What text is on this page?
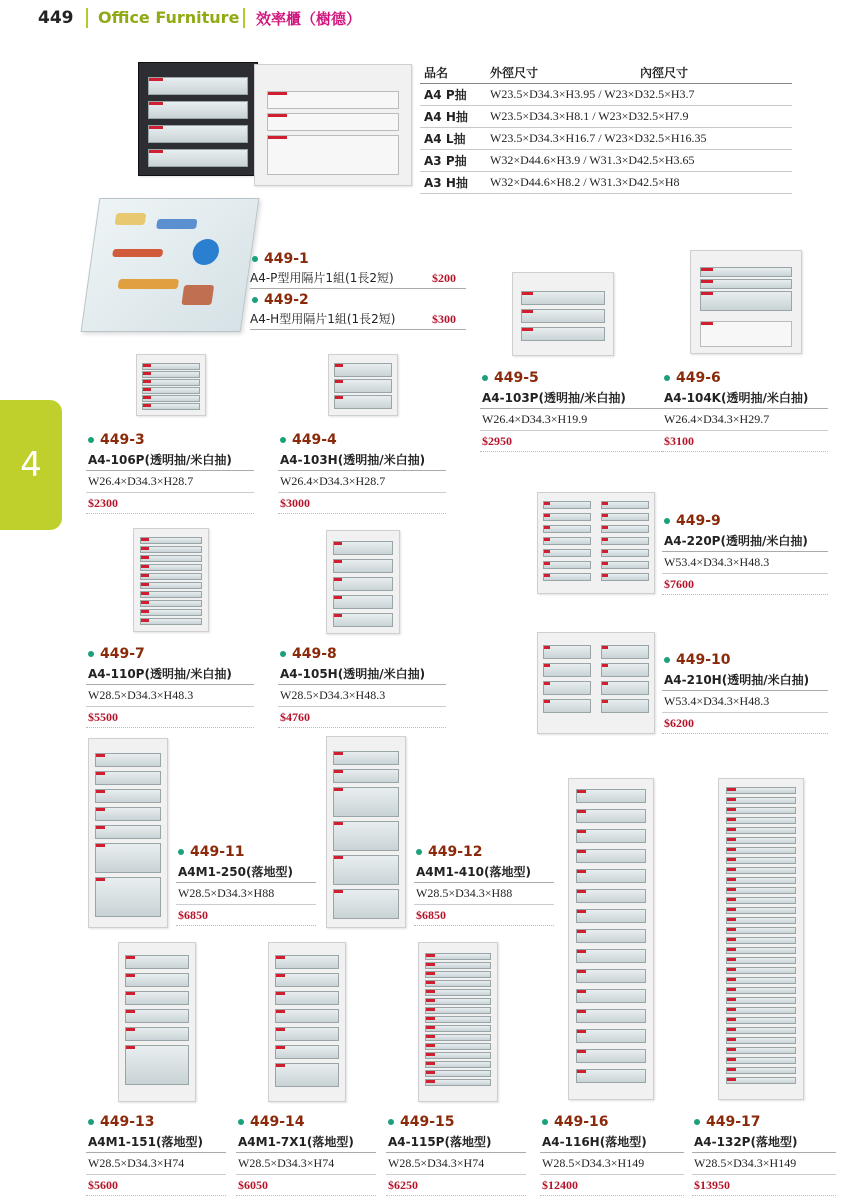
449 Office Furniture 效率櫃（樹德）
4
品名	外徑尺寸	內徑尺寸
A4 P抽	W23.5×D34.3×H3.95 / W23×D32.5×H3.7
A4 H抽	W23.5×D34.3×H8.1 / W23×D32.5×H7.9
A4 L抽	W23.5×D34.3×H16.7 / W23×D32.5×H16.35
A3 P抽	W32×D44.6×H3.9 / W31.3×D42.5×H3.65
A3 H抽	W32×D44.6×H8.2 / W31.3×D42.5×H8
449-1
A4-P型用隔片1組(1長2短)	$200
449-2
A4-H型用隔片1組(1長2短)	$300
449-5
A4-103P(透明抽/米白抽)
W26.4×D34.3×H19.9
$2950
449-6
A4-104K(透明抽/米白抽)
W26.4×D34.3×H29.7
$3100
449-3
A4-106P(透明抽/米白抽)
W26.4×D34.3×H28.7
$2300
449-4
A4-103H(透明抽/米白抽)
W26.4×D34.3×H28.7
$3000
449-9
A4-220P(透明抽/米白抽)
W53.4×D34.3×H48.3
$7600
449-7
A4-110P(透明抽/米白抽)
W28.5×D34.3×H48.3
$5500
449-8
A4-105H(透明抽/米白抽)
W28.5×D34.3×H48.3
$4760
449-10
A4-210H(透明抽/米白抽)
W53.4×D34.3×H48.3
$6200
449-11
A4M1-250(落地型)
W28.5×D34.3×H88
$6850
449-12
A4M1-410(落地型)
W28.5×D34.3×H88
$6850
449-13
A4M1-151(落地型)
W28.5×D34.3×H74
$5600
449-14
A4M1-7X1(落地型)
W28.5×D34.3×H74
$6050
449-15
A4-115P(落地型)
W28.5×D34.3×H74
$6250
449-16
A4-116H(落地型)
W28.5×D34.3×H149
$12400
449-17
A4-132P(落地型)
W28.5×D34.3×H149
$13950
